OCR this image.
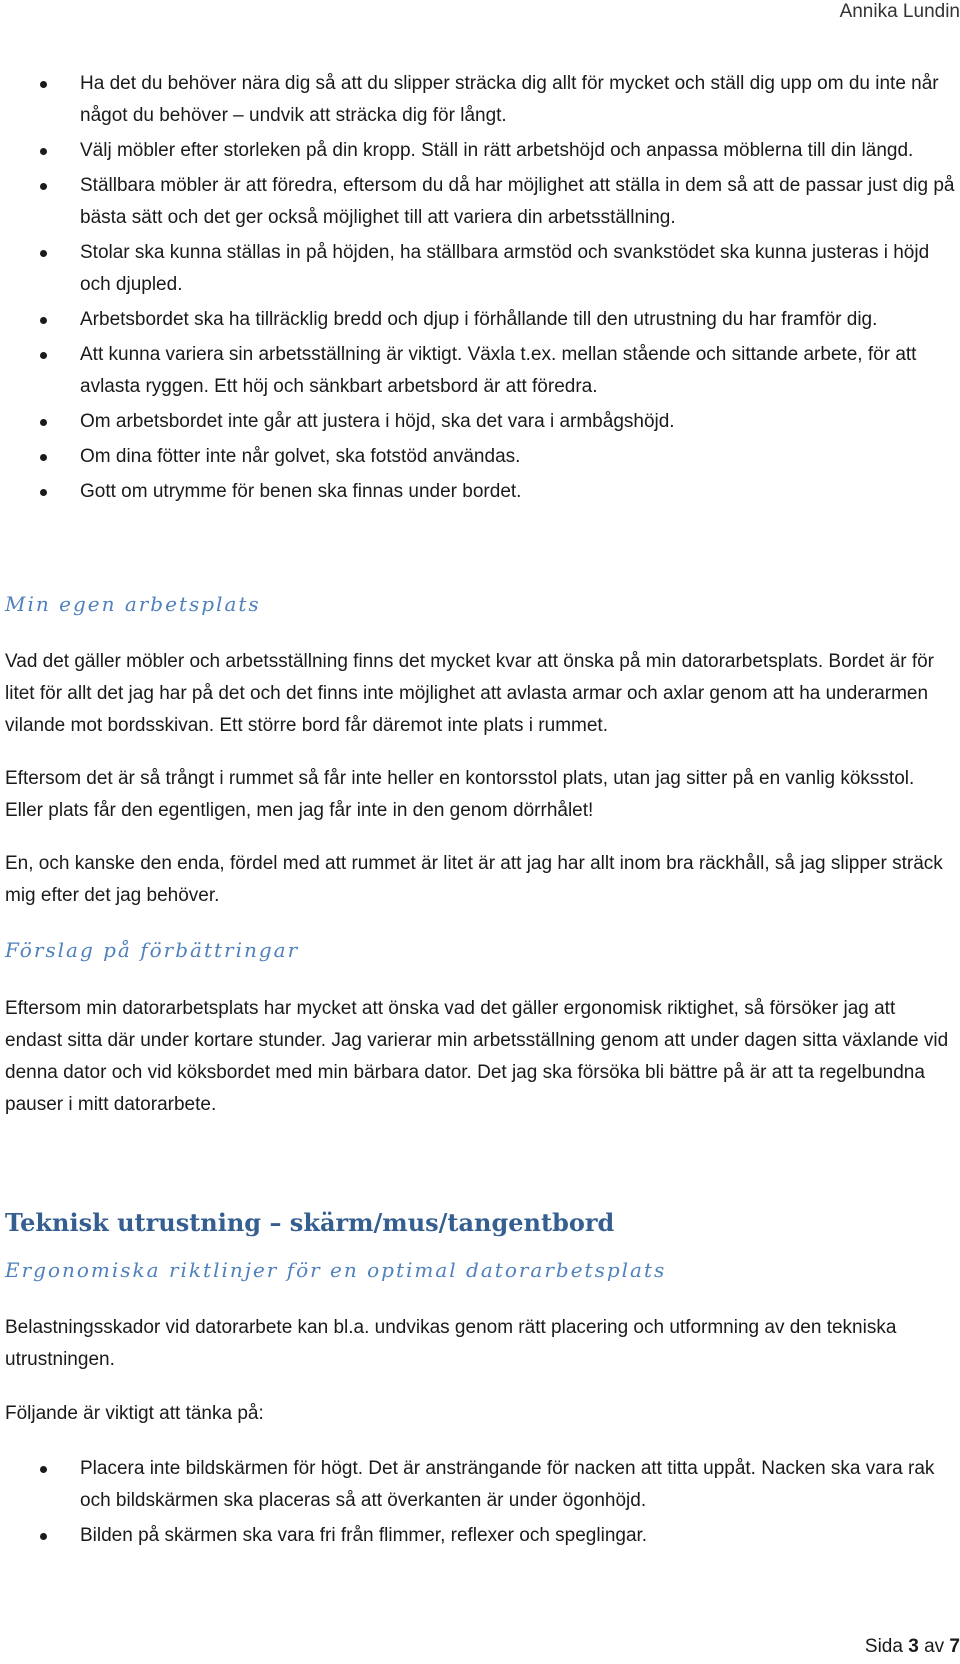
Annika Lundin
Ha det du behöver nära dig så att du slipper sträcka dig allt för mycket och ställ dig upp om du inte når något du behöver – undvik att sträcka dig för långt.
Välj möbler efter storleken på din kropp. Ställ in rätt arbetshöjd och anpassa möblerna till din längd.
Ställbara möbler är att föredra, eftersom du då har möjlighet att ställa in dem så att de passar just dig på bästa sätt och det ger också möjlighet till att variera din arbetsställning.
Stolar ska kunna ställas in på höjden, ha ställbara armstöd och svankstödet ska kunna justeras i höjd och djupled.
Arbetsbordet ska ha tillräcklig bredd och djup i förhållande till den utrustning du har framför dig.
Att kunna variera sin arbetsställning är viktigt. Växla t.ex. mellan stående och sittande arbete, för att avlasta ryggen. Ett höj och sänkbart arbetsbord är att föredra.
Om arbetsbordet inte går att justera i höjd, ska det vara i armbågshöjd.
Om dina fötter inte når golvet, ska fotstöd användas.
Gott om utrymme för benen ska finnas under bordet.
Min egen arbetsplats

Vad det gäller möbler och arbetsställning finns det mycket kvar att önska på min datorarbetsplats. Bordet är för litet för allt det jag har på det och det finns inte möjlighet att avlasta armar och axlar genom att ha underarmen vilande mot bordsskivan. Ett större bord får däremot inte plats i rummet.

Eftersom det är så trångt i rummet så får inte heller en kontorsstol plats, utan jag sitter på en vanlig köksstol. Eller plats får den egentligen, men jag får inte in den genom dörrhålet!

En, och kanske den enda, fördel med att rummet är litet är att jag har allt inom bra räckhåll, så jag slipper sträck mig efter det jag behöver.

Förslag på förbättringar

Eftersom min datorarbetsplats har mycket att önska vad det gäller ergonomisk riktighet, så försöker jag att endast sitta där under kortare stunder. Jag varierar min arbetsställning genom att under dagen sitta växlande vid denna dator och vid köksbordet med min bärbara dator. Det jag ska försöka bli bättre på är att ta regelbundna pauser i mitt datorarbete.

Teknisk utrustning – skärm/mus/tangentbord
Ergonomiska riktlinjer för en optimal datorarbetsplats

Belastningsskador vid datorarbete kan bl.a. undvikas genom rätt placering och utformning av den tekniska utrustningen.

Följande är viktigt att tänka på:

Placera inte bildskärmen för högt. Det är ansträngande för nacken att titta uppåt. Nacken ska vara rak och bildskärmen ska placeras så att överkanten är under ögonhöjd.
Bilden på skärmen ska vara fri från flimmer, reflexer och speglingar.
Sida 3 av 7
